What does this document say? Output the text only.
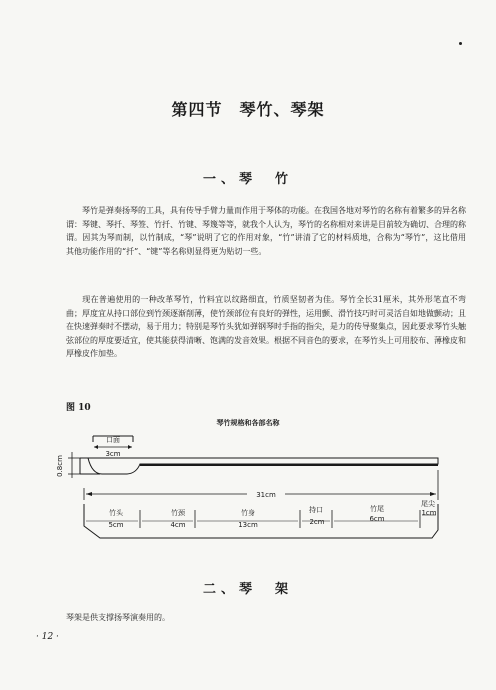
第四节　琴竹、琴架
一、琴　竹
琴竹是弹奏扬琴的工具，具有传导手臂力量而作用于琴体的功能。在我国各地对琴竹的名称有着繁多的异名称谓：琴键、琴扦、琴签、竹扦、竹键、琴篾等等，就我个人认为，琴竹的名称相对来讲是目前较为确切、合理的称谓。因其为琴而制，以竹制成，“琴”说明了它的作用对象，“竹”讲清了它的材料质地，合称为“琴竹”，这比借用其他功能作用的“扦”、“键”等名称则显得更为贴切一些。
现在普遍使用的一种改革琴竹，竹料宜以纹路细直，竹质坚韧者为佳。琴竹全长31厘米，其外形笔直不弯曲；厚度宜从持口部位到竹颈逐渐削薄，使竹颈部位有良好的弹性，运用颤、滑竹技巧时可灵活自如地做颤动；且在快速弹奏时不摆动，易于用力；特别是琴竹头犹如弹钢琴时手指的指尖，是力的传导聚集点，因此要求琴竹头触弦部位的厚度要适宜，使其能获得清晰、饱满的发音效果。根据不同音色的要求，在琴竹头上可用胶布、薄橡皮和厚橡皮作加垫。
图 10
琴竹规格和各部名称
口面
3cm
0.8cm
31cm
竹头
5cm
竹颈
4cm
竹身
13cm
持口
2cm
竹尾
6cm
尾尖
1cm
二、琴　架
琴架是供支撑扬琴演奏用的。
· 12 ·
